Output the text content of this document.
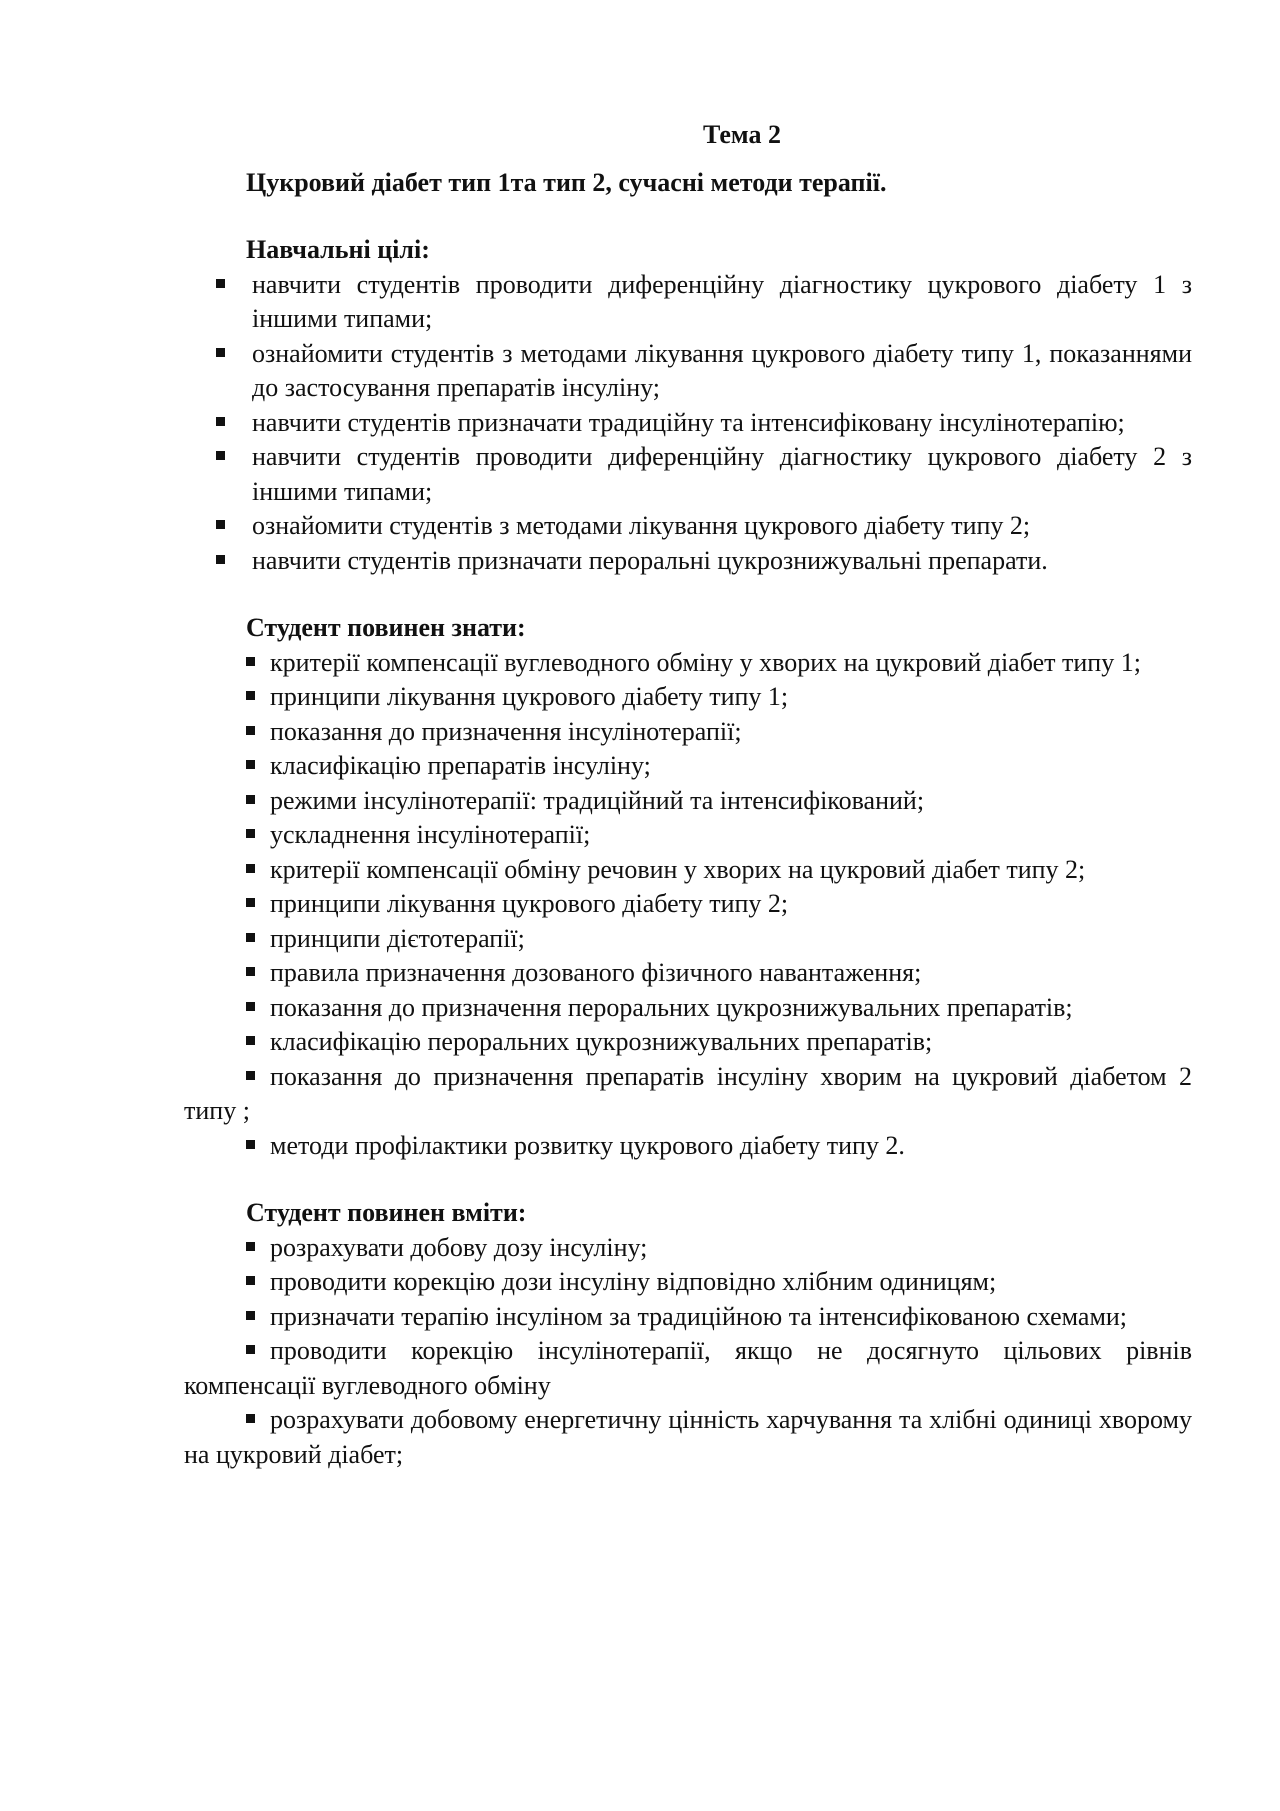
Тема 2

Цукровий діабет тип 1та тип 2, сучасні методи терапії.

Навчальні цілі:

навчити студентів проводити диференційну діагностику цукрового діабету 1 з іншими типами;
ознайомити студентів з методами лікування цукрового діабету типу 1, показаннями до застосування препаратів інсуліну;
навчити студентів призначати традиційну та інтенсифіковану інсулінотерапію;
навчити студентів проводити диференційну діагностику цукрового діабету 2 з іншими типами;
ознайомити студентів з методами лікування цукрового діабету типу 2;
навчити студентів призначати пероральні цукрознижувальні препарати.

Студент повинен знати:

критерії компенсації вуглеводного обміну у хворих на цукровий діабет типу 1;
принципи лікування цукрового діабету типу 1;
показання до призначення інсулінотерапії;
класифікацію препаратів інсуліну;
режими інсулінотерапії: традиційний та інтенсифікований;
ускладнення інсулінотерапії;
критерії компенсації обміну речовин у хворих на цукровий діабет типу 2;
принципи лікування цукрового діабету типу 2;
принципи дієтотерапії;
правила призначення дозованого фізичного навантаження;
показання до призначення пероральних цукрознижувальних препаратів;
класифікацію пероральних цукрознижувальних препаратів;
показання до призначення препаратів інсуліну хворим на цукровий діабетом 2 типу ;
методи профілактики розвитку цукрового діабету типу 2.

Студент повинен вміти:

розрахувати добову дозу інсуліну;
проводити корекцію дози інсуліну відповідно хлібним одиницям;
призначати терапію інсуліном за традиційною та інтенсифікованою схемами;
проводити корекцію інсулінотерапії, якщо не досягнуто цільових рівнів компенсації вуглеводного обміну
розрахувати добовому енергетичну цінність харчування та хлібні одиниці хворому на цукровий діабет;
